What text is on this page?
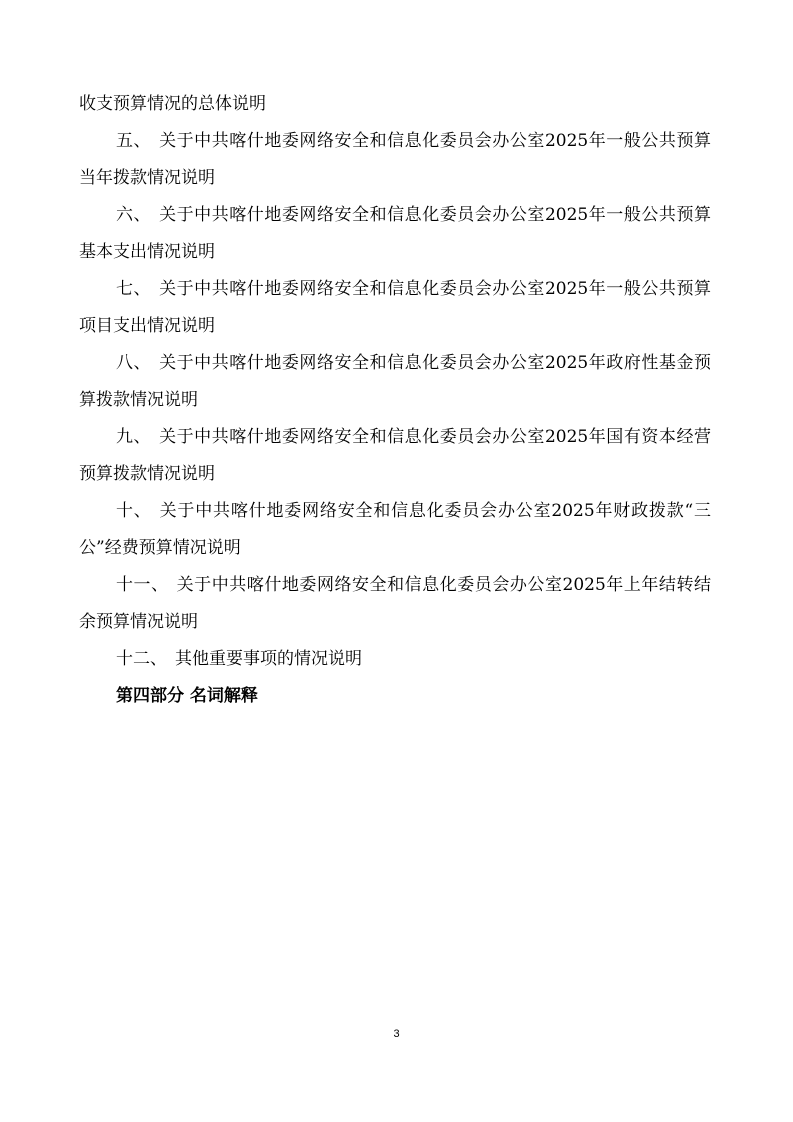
收支预算情况的总体说明

五、 关于中共喀什地委网络安全和信息化委员会办公室2025年一般公共预算当年拨款情况说明

六、 关于中共喀什地委网络安全和信息化委员会办公室2025年一般公共预算基本支出情况说明

七、 关于中共喀什地委网络安全和信息化委员会办公室2025年一般公共预算项目支出情况说明

八、 关于中共喀什地委网络安全和信息化委员会办公室2025年政府性基金预算拨款情况说明

九、 关于中共喀什地委网络安全和信息化委员会办公室2025年国有资本经营预算拨款情况说明

十、 关于中共喀什地委网络安全和信息化委员会办公室2025年财政拨款“三公”经费预算情况说明

十一、 关于中共喀什地委网络安全和信息化委员会办公室2025年上年结转结余预算情况说明

十二、 其他重要事项的情况说明

第四部分 名词解释

3
